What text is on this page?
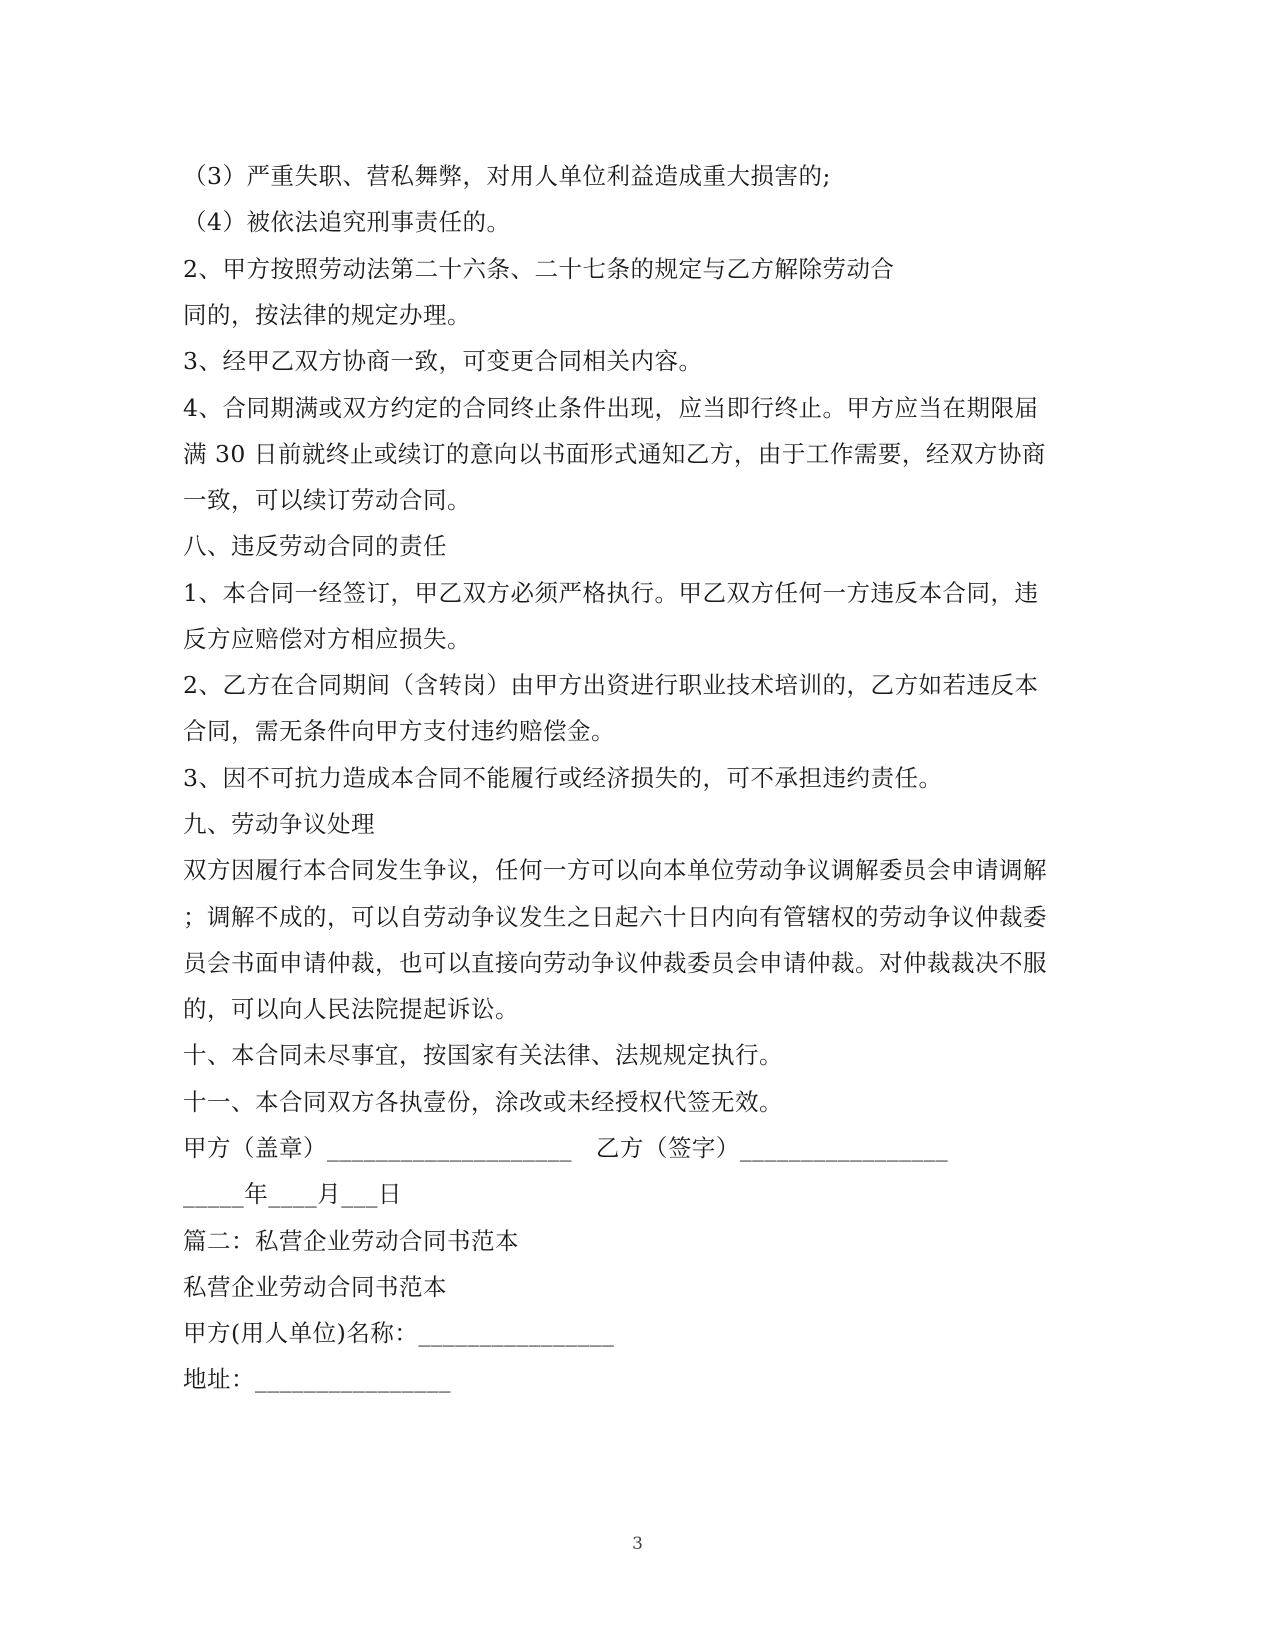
（3）严重失职、营私舞弊，对用人单位利益造成重大损害的;
（4）被依法追究刑事责任的。
2、甲方按照劳动法第二十六条、二十七条的规定与乙方解除劳动合
同的，按法律的规定办理。
3、经甲乙双方协商一致，可变更合同相关内容。
4、合同期满或双方约定的合同终止条件出现，应当即行终止。甲方应当在期限届
满 30 日前就终止或续订的意向以书面形式通知乙方，由于工作需要，经双方协商
一致，可以续订劳动合同。
八、违反劳动合同的责任
1、本合同一经签订，甲乙双方必须严格执行。甲乙双方任何一方违反本合同，违
反方应赔偿对方相应损失。
2、乙方在合同期间（含转岗）由甲方出资进行职业技术培训的，乙方如若违反本
合同，需无条件向甲方支付违约赔偿金。
3、因不可抗力造成本合同不能履行或经济损失的，可不承担违约责任。
九、劳动争议处理
双方因履行本合同发生争议，任何一方可以向本单位劳动争议调解委员会申请调解
；调解不成的，可以自劳动争议发生之日起六十日内向有管辖权的劳动争议仲裁委
员会书面申请仲裁，也可以直接向劳动争议仲裁委员会申请仲裁。对仲裁裁决不服
的，可以向人民法院提起诉讼。
十、本合同未尽事宜，按国家有关法律、法规规定执行。
十一、本合同双方各执壹份，涂改或未经授权代签无效。
甲方（盖章）____________________   乙方（签字）_________________
_____年____月___日
篇二：私营企业劳动合同书范本
私营企业劳动合同书范本
甲方(用人单位)名称：________________
地址：________________
3
